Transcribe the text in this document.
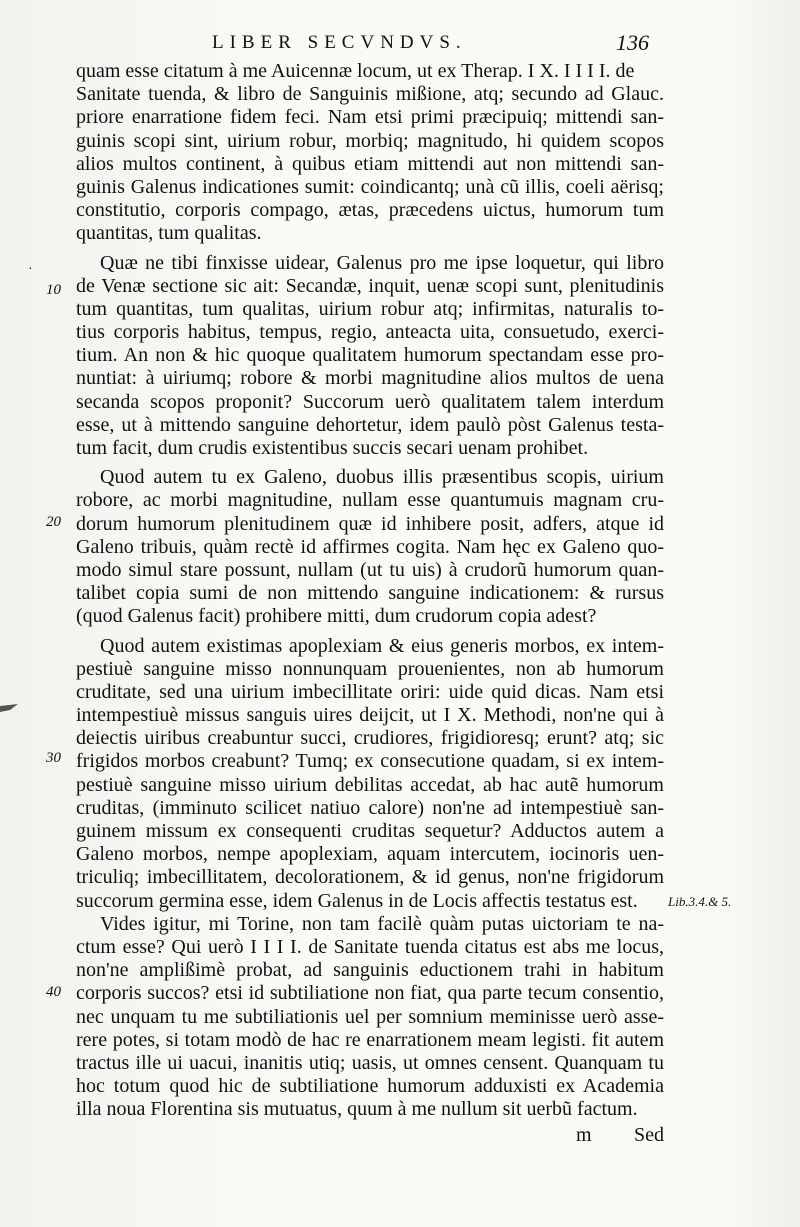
LIBER SECVNDVS.	136
quam esse citatum à me Auicennæ locum, ut ex Therap. I X. I I I I. de
Sanitate tuenda, & libro de Sanguinis mißione, atq; secundo ad Glauc.
priore enarratione fidem feci. Nam etsi primi præcipuiq; mittendi san-
guinis scopi sint, uirium robur, morbiq; magnitudo, hi quidem scopos
alios multos continent, à quibus etiam mittendi aut non mittendi san-
guinis Galenus indicationes sumit: coindicantq; unà cũ illis, coeli aërisq;
constitutio, corporis compago, ætas, præcedens uictus, humorum tum
quantitas, tum qualitas.
Quæ ne tibi finxisse uidear, Galenus pro me ipse loquetur, qui libro
de Venæ sectione sic ait: Secandæ, inquit, uenæ scopi sunt, plenitudinis
tum quantitas, tum qualitas, uirium robur atq; infirmitas, naturalis to-
tius corporis habitus, tempus, regio, anteacta uita, consuetudo, exerci-
tium. An non & hic quoque qualitatem humorum spectandam esse pro-
nuntiat: à uiriumq; robore & morbi magnitudine alios multos de uena
secanda scopos proponit? Succorum uerò qualitatem talem interdum
esse, ut à mittendo sanguine dehortetur, idem paulò pòst Galenus testa-
tum facit, dum crudis existentibus succis secari uenam prohibet.
Quod autem tu ex Galeno, duobus illis præsentibus scopis, uirium
robore, ac morbi magnitudine, nullam esse quantumuis magnam cru-
dorum humorum plenitudinem quæ id inhibere posit, adfers, atque id
Galeno tribuis, quàm rectè id affirmes cogita. Nam hęc ex Galeno quo-
modo simul stare possunt, nullam (ut tu uis) à crudorũ humorum quan-
talibet copia sumi de non mittendo sanguine indicationem: & rursus
(quod Galenus facit) prohibere mitti, dum crudorum copia adest?
Quod autem existimas apoplexiam & eius generis morbos, ex intem-
pestiuè sanguine misso nonnunquam prouenientes, non ab humorum
cruditate, sed una uirium imbecillitate oriri: uide quid dicas. Nam etsi
intempestiuè missus sanguis uires deijcit, ut I X. Methodi, non'ne qui à
deiectis uiribus creabuntur succi, crudiores, frigidioresq; erunt? atq; sic
frigidos morbos creabunt? Tumq; ex consecutione quadam, si ex intem-
pestiuè sanguine misso uirium debilitas accedat, ab hac autẽ humorum
cruditas, (imminuto scilicet natiuo calore) non'ne ad intempestiuè san-
guinem missum ex consequenti cruditas sequetur? Adductos autem a
Galeno morbos, nempe apoplexiam, aquam intercutem, iocinoris uen-
triculiq; imbecillitatem, decolorationem, & id genus, non'ne frigidorum
succorum germina esse, idem Galenus in de Locis affectis testatus est.
Vides igitur, mi Torine, non tam facilè quàm putas uictoriam te na-
ctum esse? Qui uerò I I I I. de Sanitate tuenda citatus est abs me locus,
non'ne amplißimè probat, ad sanguinis eductionem trahi in habitum
corporis succos? etsi id subtiliatione non fiat, qua parte tecum consentio,
nec unquam tu me subtiliationis uel per somnium meminisse uerò asse-
rere potes, si totam modò de hac re enarrationem meam legisti. fit autem
tractus ille ui uacui, inanitis utiq; uasis, ut omnes censent. Quanquam tu
hoc totum quod hic de subtiliatione humorum adduxisti ex Academia
illa noua Florentina sis mutuatus, quum à me nullum sit uerbũ factum.
10
20
30
40
·
Lib.3.4.& 5.
m Sed
